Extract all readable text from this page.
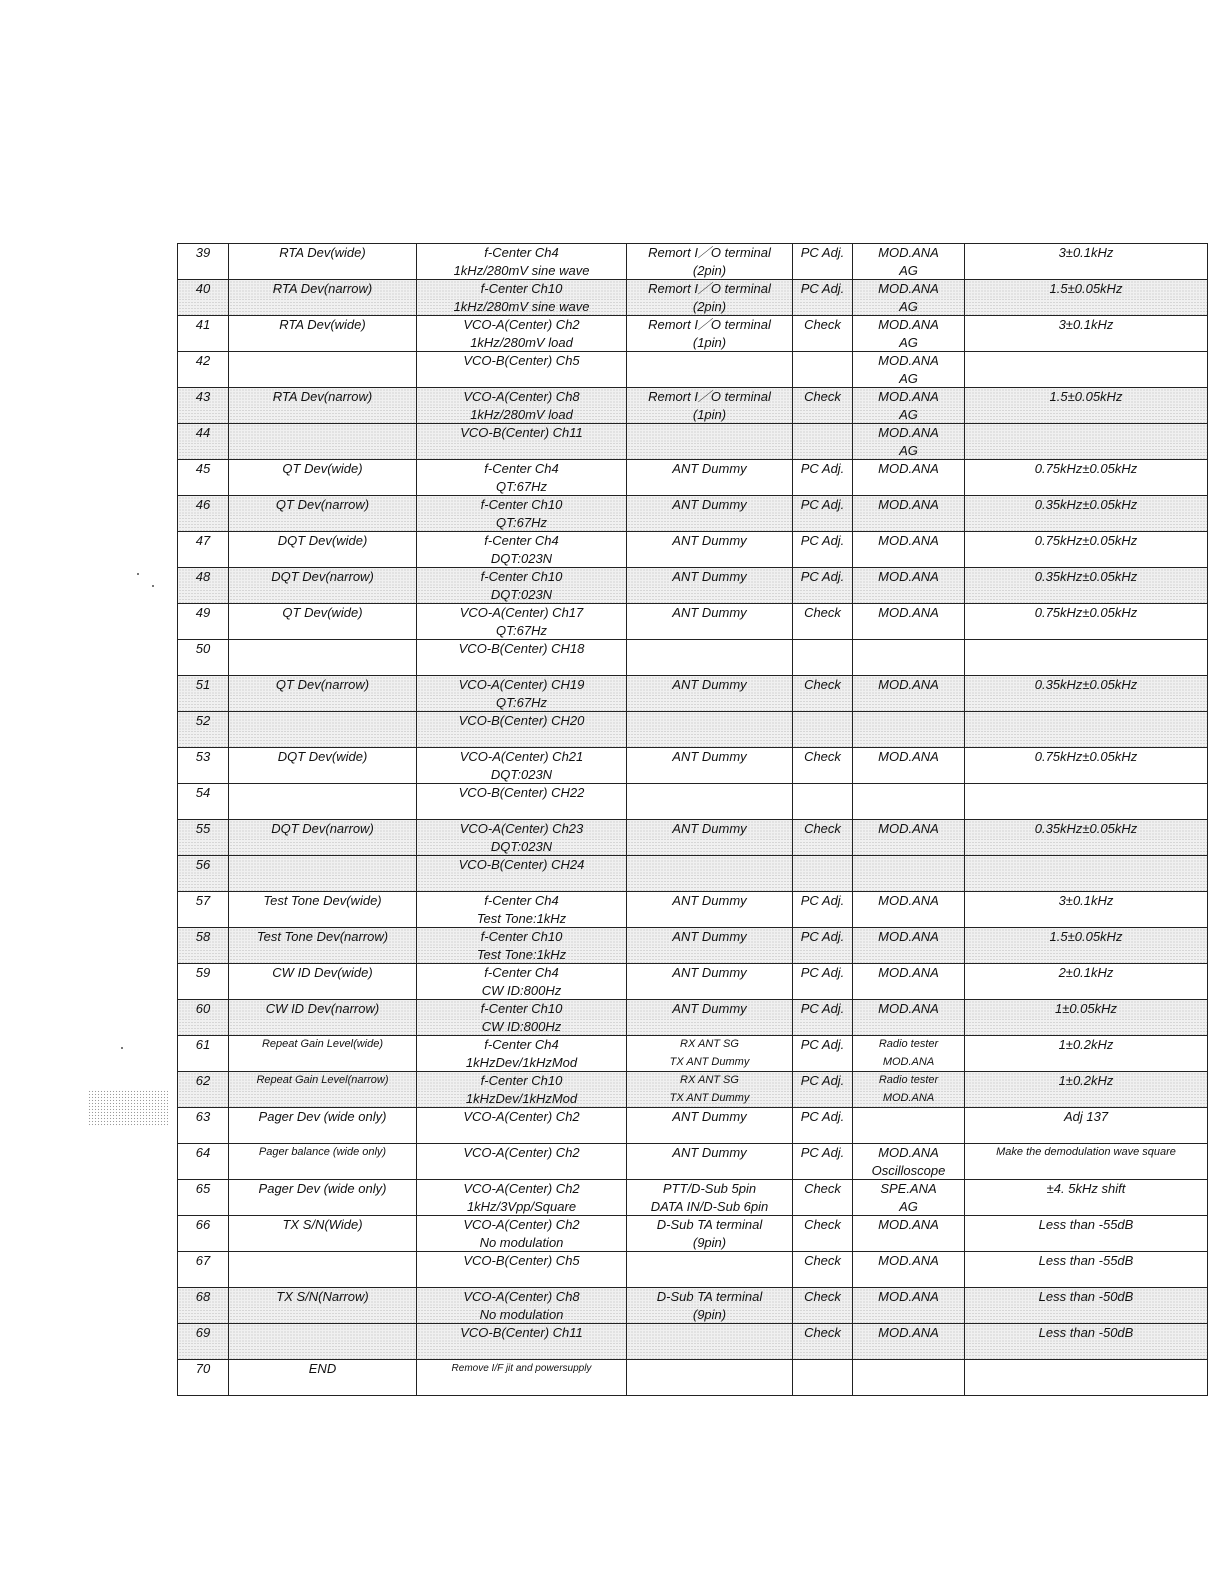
39	RTA Dev(wide)	f-Center Ch4	Remort I／O terminal	PC Adj.	MOD.ANA	3±0.1kHz
		1kHz/280mV sine wave	(2pin)		AG	
40	RTA Dev(narrow)	f-Center Ch10	Remort I／O terminal	PC Adj.	MOD.ANA	1.5±0.05kHz
		1kHz/280mV sine wave	(2pin)		AG	
41	RTA Dev(wide)	VCO-A(Center) Ch2	Remort I／O terminal	Check	MOD.ANA	3±0.1kHz
		1kHz/280mV load	(1pin)		AG	
42		VCO-B(Center) Ch5			MOD.ANA	
					AG	
43	RTA Dev(narrow)	VCO-A(Center) Ch8	Remort I／O terminal	Check	MOD.ANA	1.5±0.05kHz
		1kHz/280mV load	(1pin)		AG	
44		VCO-B(Center) Ch11			MOD.ANA	
					AG	
45	QT Dev(wide)	f-Center Ch4	ANT Dummy	PC Adj.	MOD.ANA	0.75kHz±0.05kHz
		QT:67Hz				
46	QT Dev(narrow)	f-Center Ch10	ANT Dummy	PC Adj.	MOD.ANA	0.35kHz±0.05kHz
		QT:67Hz				
47	DQT Dev(wide)	f-Center Ch4	ANT Dummy	PC Adj.	MOD.ANA	0.75kHz±0.05kHz
		DQT:023N				
48	DQT Dev(narrow)	f-Center Ch10	ANT Dummy	PC Adj.	MOD.ANA	0.35kHz±0.05kHz
		DQT:023N				
49	QT Dev(wide)	VCO-A(Center) Ch17	ANT Dummy	Check	MOD.ANA	0.75kHz±0.05kHz
		QT:67Hz				
50		VCO-B(Center) CH18				

51	QT Dev(narrow)	VCO-A(Center) CH19	ANT Dummy	Check	MOD.ANA	0.35kHz±0.05kHz
		QT:67Hz				
52		VCO-B(Center) CH20				

53	DQT Dev(wide)	VCO-A(Center) Ch21	ANT Dummy	Check	MOD.ANA	0.75kHz±0.05kHz
		DQT:023N				
54		VCO-B(Center) CH22				

55	DQT Dev(narrow)	VCO-A(Center) Ch23	ANT Dummy	Check	MOD.ANA	0.35kHz±0.05kHz
		DQT:023N				
56		VCO-B(Center) CH24				

57	Test Tone Dev(wide)	f-Center Ch4	ANT Dummy	PC Adj.	MOD.ANA	3±0.1kHz
		Test Tone:1kHz				
58	Test Tone Dev(narrow)	f-Center Ch10	ANT Dummy	PC Adj.	MOD.ANA	1.5±0.05kHz
		Test Tone:1kHz				
59	CW ID Dev(wide)	f-Center Ch4	ANT Dummy	PC Adj.	MOD.ANA	2±0.1kHz
		CW ID:800Hz				
60	CW ID Dev(narrow)	f-Center Ch10	ANT Dummy	PC Adj.	MOD.ANA	1±0.05kHz
		CW ID:800Hz				
61	Repeat Gain Level(wide)	f-Center Ch4	RX ANT SG	PC Adj.	Radio tester	1±0.2kHz
		1kHzDev/1kHzMod	TX ANT Dummy		MOD.ANA	
62	Repeat Gain Level(narrow)	f-Center Ch10	RX ANT SG	PC Adj.	Radio tester	1±0.2kHz
		1kHzDev/1kHzMod	TX ANT Dummy		MOD.ANA	
63	Pager Dev (wide only)	VCO-A(Center) Ch2	ANT Dummy	PC Adj.		Adj 137

64	Pager balance (wide only)	VCO-A(Center) Ch2	ANT Dummy	PC Adj.	MOD.ANA	Make the demodulation wave square
					Oscilloscope	
65	Pager Dev (wide only)	VCO-A(Center) Ch2	PTT/D-Sub 5pin	Check	SPE.ANA	±4. 5kHz shift
		1kHz/3Vpp/Square	DATA IN/D-Sub 6pin		AG	
66	TX S/N(Wide)	VCO-A(Center) Ch2	D-Sub TA terminal	Check	MOD.ANA	Less than -55dB
		No modulation	(9pin)			
67		VCO-B(Center) Ch5		Check	MOD.ANA	Less than -55dB

68	TX S/N(Narrow)	VCO-A(Center) Ch8	D-Sub TA terminal	Check	MOD.ANA	Less than -50dB
		No modulation	(9pin)			
69		VCO-B(Center) Ch11		Check	MOD.ANA	Less than -50dB

70	END	Remove I/F jit and powersupply				
